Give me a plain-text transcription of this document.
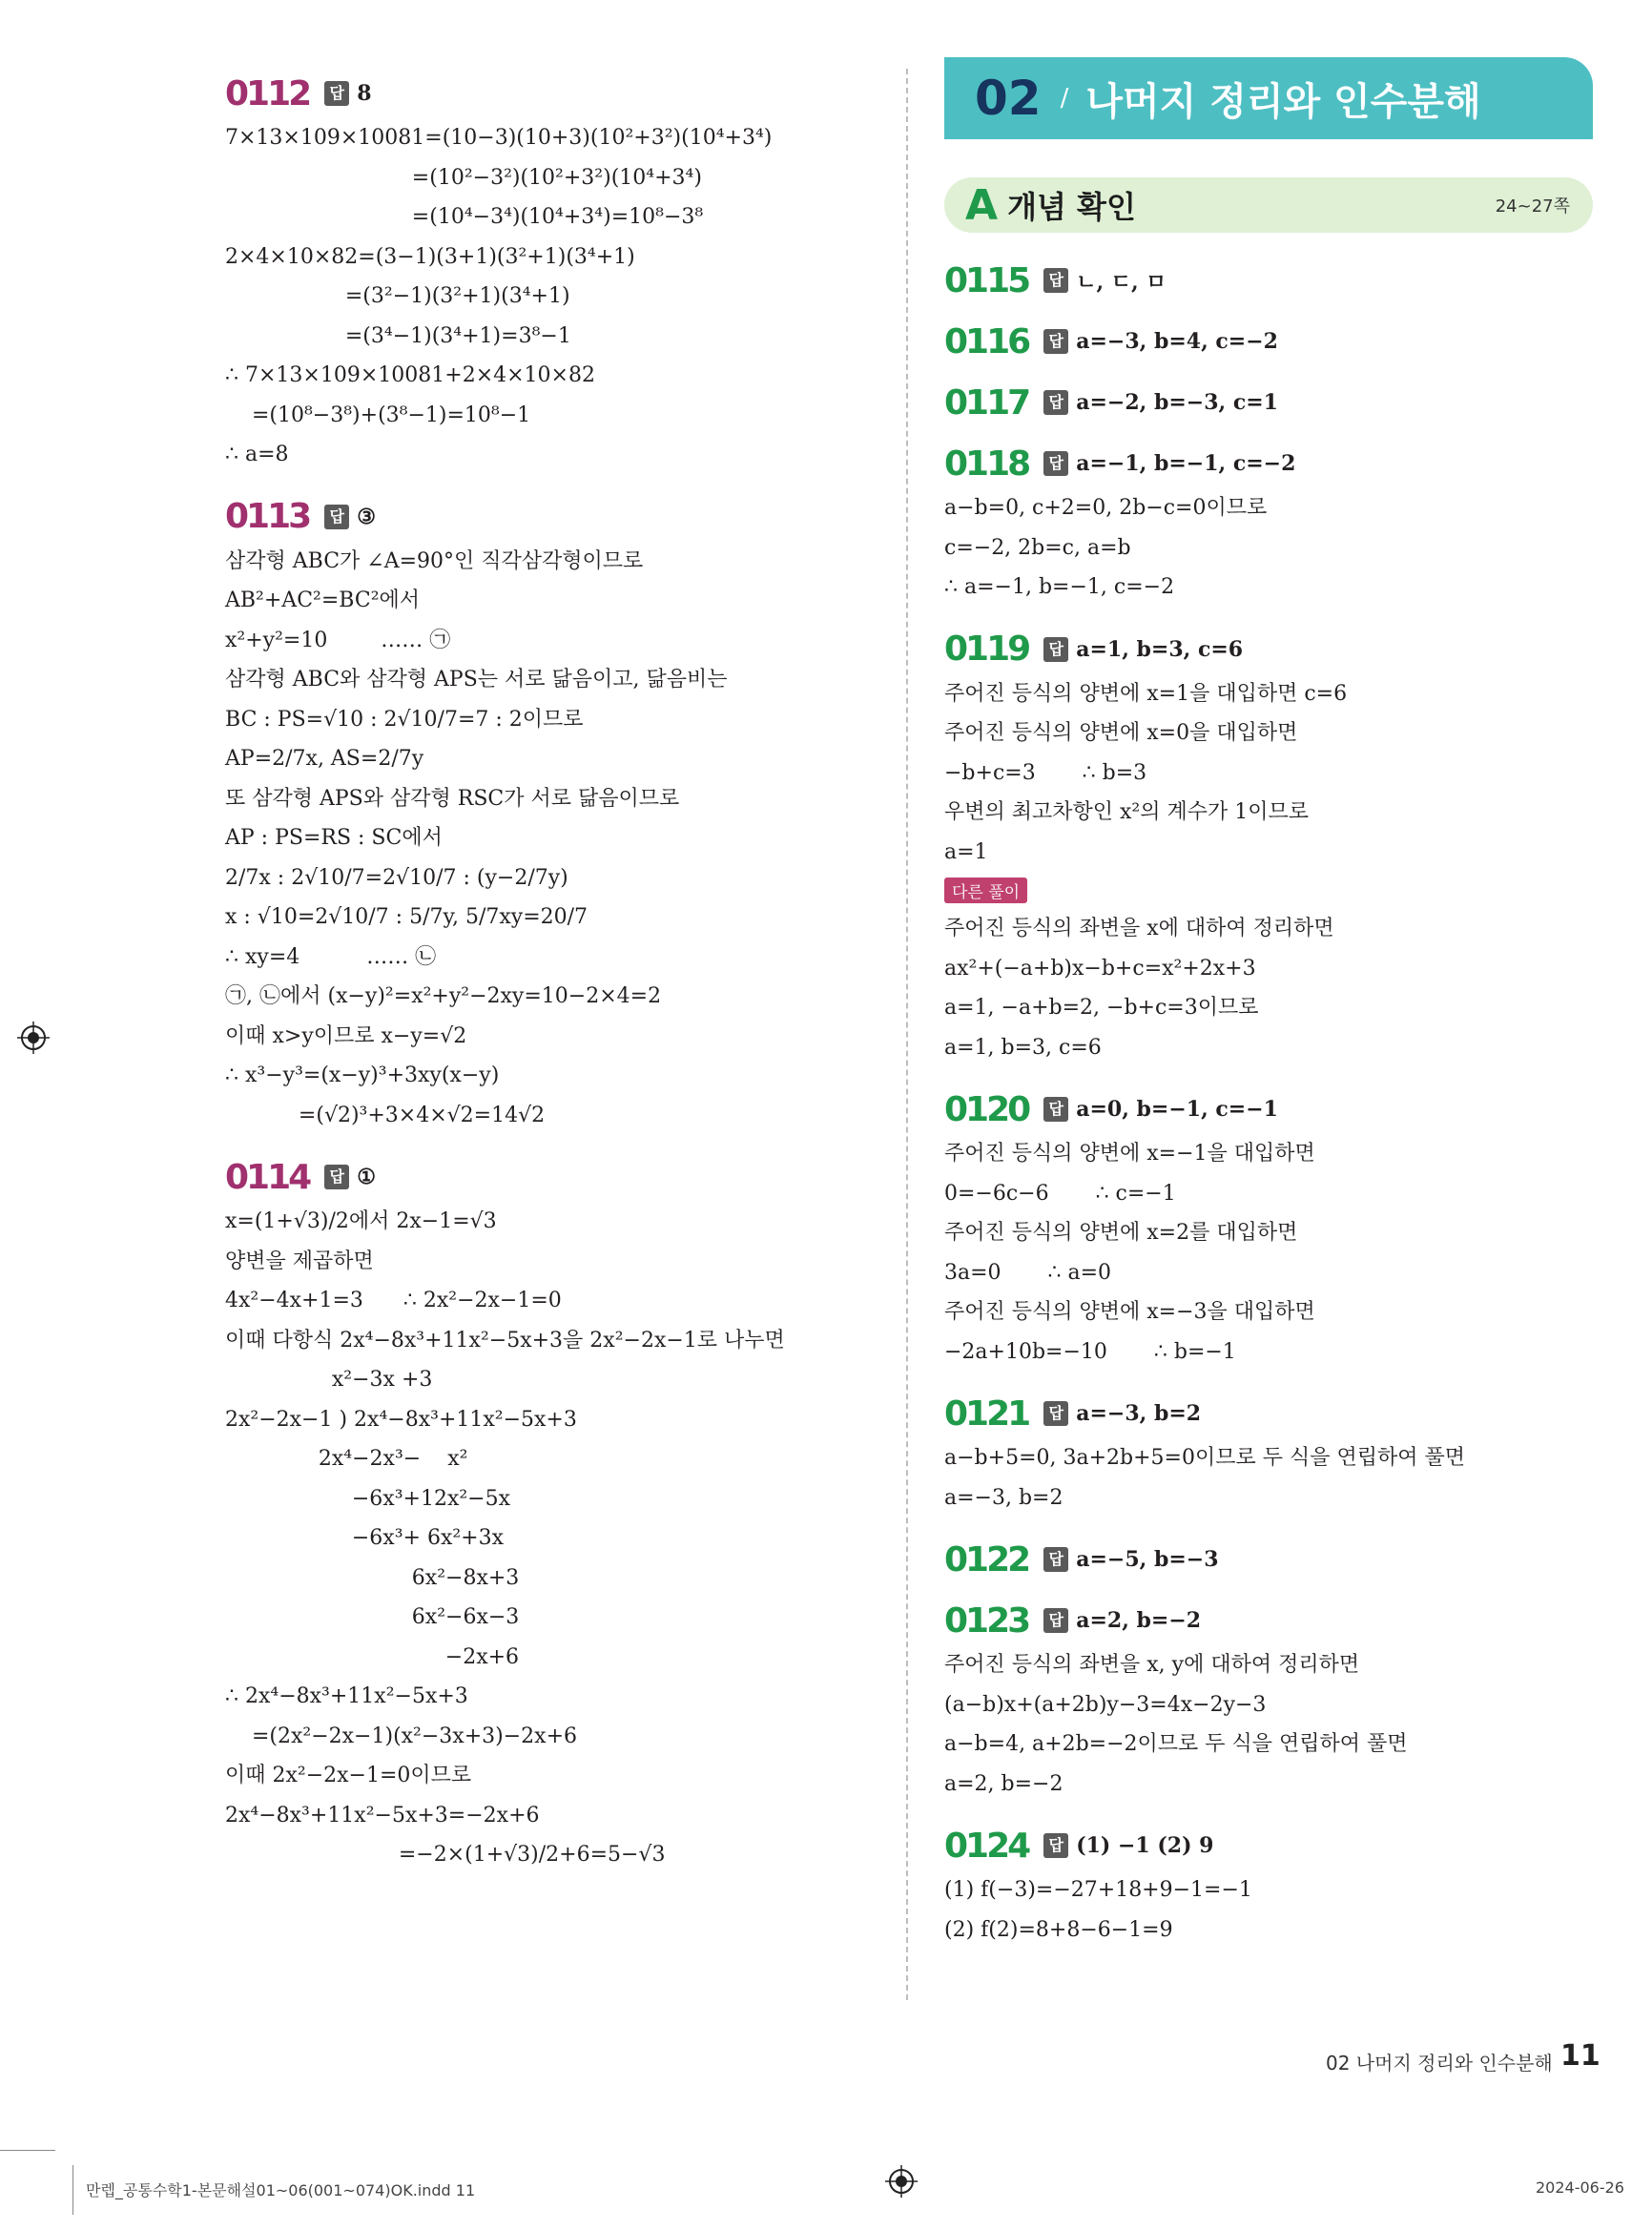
0112	답 8
7×13×109×10081=(10−3)(10+3)(10²+3²)(10⁴+3⁴)
=(10²−3²)(10²+3²)(10⁴+3⁴)
=(10⁴−3⁴)(10⁴+3⁴)=10⁸−3⁸
2×4×10×82=(3−1)(3+1)(3²+1)(3⁴+1)
=(3²−1)(3²+1)(3⁴+1)
=(3⁴−1)(3⁴+1)=3⁸−1
∴ 7×13×109×10081+2×4×10×82
=(10⁸−3⁸)+(3⁸−1)=10⁸−1
∴ a=8
0113	답 ③
삼각형 ABC가 ∠A=90°인 직각삼각형이므로
AB²+AC²=BC²에서
x²+y²=10        …… ㉠
삼각형 ABC와 삼각형 APS는 서로 닮음이고, 닮음비는
BC : PS=√10 : 2√10/7=7 : 2이므로
AP=2/7x, AS=2/7y
또 삼각형 APS와 삼각형 RSC가 서로 닮음이므로
AP : PS=RS : SC에서
2/7x : 2√10/7=2√10/7 : (y−2/7y)
x : √10=2√10/7 : 5/7y, 5/7xy=20/7
∴ xy=4          …… ㉡
㉠, ㉡에서 (x−y)²=x²+y²−2xy=10−2×4=2
이때 x>y이므로 x−y=√2
∴ x³−y³=(x−y)³+3xy(x−y)
=(√2)³+3×4×√2=14√2
0114	답 ①
x=(1+√3)/2에서 2x−1=√3
양변을 제곱하면
4x²−4x+1=3      ∴ 2x²−2x−1=0
이때 다항식 2x⁴−8x³+11x²−5x+3을 2x²−2x−1로 나누면
x²−3x +3
2x²−2x−1 ) 2x⁴−8x³+11x²−5x+3
2x⁴−2x³−    x²
−6x³+12x²−5x
−6x³+ 6x²+3x
6x²−8x+3
6x²−6x−3
−2x+6
∴ 2x⁴−8x³+11x²−5x+3
=(2x²−2x−1)(x²−3x+3)−2x+6
이때 2x²−2x−1=0이므로
2x⁴−8x³+11x²−5x+3=−2x+6
=−2×(1+√3)/2+6=5−√3
02 / 나머지 정리와 인수분해
A 개념 확인	24~27쪽
0115	답 ㄴ, ㄷ, ㅁ
0116	답 a=−3, b=4, c=−2
0117	답 a=−2, b=−3, c=1
0118	답 a=−1, b=−1, c=−2
a−b=0, c+2=0, 2b−c=0이므로
c=−2, 2b=c, a=b
∴ a=−1, b=−1, c=−2
0119	답 a=1, b=3, c=6
주어진 등식의 양변에 x=1을 대입하면 c=6
주어진 등식의 양변에 x=0을 대입하면
−b+c=3       ∴ b=3
우변의 최고차항인 x²의 계수가 1이므로
a=1
다른 풀이
주어진 등식의 좌변을 x에 대하여 정리하면
ax²+(−a+b)x−b+c=x²+2x+3
a=1, −a+b=2, −b+c=3이므로
a=1, b=3, c=6
0120	답 a=0, b=−1, c=−1
주어진 등식의 양변에 x=−1을 대입하면
0=−6c−6       ∴ c=−1
주어진 등식의 양변에 x=2를 대입하면
3a=0       ∴ a=0
주어진 등식의 양변에 x=−3을 대입하면
−2a+10b=−10       ∴ b=−1
0121	답 a=−3, b=2
a−b+5=0, 3a+2b+5=0이므로 두 식을 연립하여 풀면
a=−3, b=2
0122	답 a=−5, b=−3
0123	답 a=2, b=−2
주어진 등식의 좌변을 x, y에 대하여 정리하면
(a−b)x+(a+2b)y−3=4x−2y−3
a−b=4, a+2b=−2이므로 두 식을 연립하여 풀면
a=2, b=−2
0124	답 (1) −1 (2) 9
(1) f(−3)=−27+18+9−1=−1
(2) f(2)=8+8−6−1=9
02 나머지 정리와 인수분해 11
만렙_공통수학1-본문해설01~06(001~074)OK.indd 11	2024-06-26
